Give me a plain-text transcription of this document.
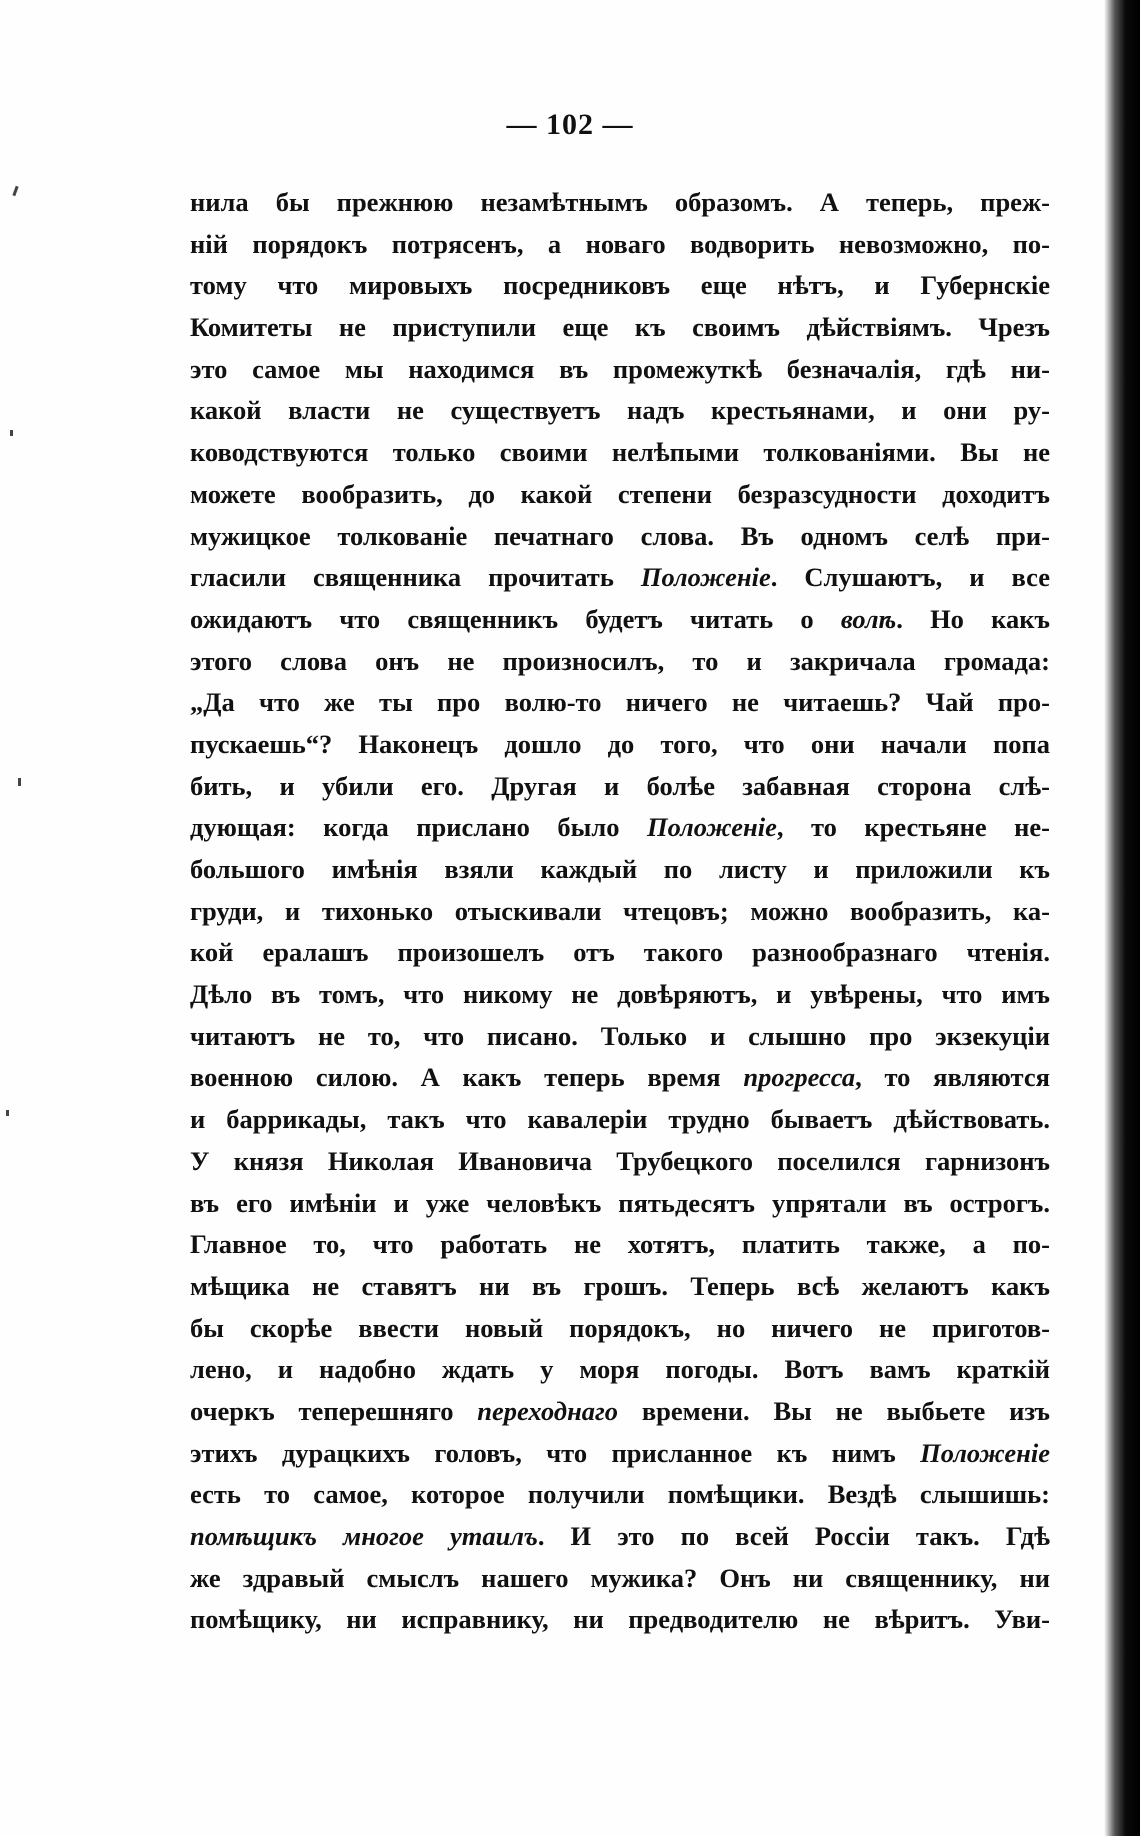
— 102 —
нила бы прежнюю незамѣтнымъ образомъ. А теперь, преж-
ній порядокъ потрясенъ, а новаго водворить невозможно, по-
тому что мировыхъ посредниковъ еще нѣтъ, и Губернскіе
Комитеты не приступили еще къ своимъ дѣйствіямъ. Чрезъ
это самое мы находимся въ промежуткѣ безначалія, гдѣ ни-
какой власти не существуетъ надъ крестьянами, и они ру-
ководствуются только своими нелѣпыми толкованіями. Вы не
можете вообразить, до какой степени безразсудности доходитъ
мужицкое толкованіе печатнаго слова. Въ одномъ селѣ при-
гласили священника прочитать Положеніе. Слушаютъ, и все
ожидаютъ что священникъ будетъ читать о волѣ. Но какъ
этого слова онъ не произносилъ, то и закричала громада:
„Да что же ты про волю-то ничего не читаешь? Чай про-
пускаешь“? Наконецъ дошло до того, что они начали попа
бить, и убили его. Другая и болѣе забавная сторона слѣ-
дующая: когда прислано было Положеніе, то крестьяне не-
большого имѣнія взяли каждый по листу и приложили къ
груди, и тихонько отыскивали чтецовъ; можно вообразить, ка-
кой ералашъ произошелъ отъ такого разнообразнаго чтенія.
Дѣло въ томъ, что никому не довѣряютъ, и увѣрены, что имъ
читаютъ не то, что писано. Только и слышно про экзекуціи
военною силою. А какъ теперь время прогресса, то являются
и баррикады, такъ что кавалеріи трудно бываетъ дѣйствовать.
У князя Николая Ивановича Трубецкого поселился гарнизонъ
въ его имѣніи и уже человѣкъ пятьдесятъ упрятали въ острогъ.
Главное то, что работать не хотятъ, платить также, а по-
мѣщика не ставятъ ни въ грошъ. Теперь всѣ желаютъ какъ
бы скорѣе ввести новый порядокъ, но ничего не приготов-
лено, и надобно ждать у моря погоды. Вотъ вамъ краткій
очеркъ теперешняго переходнаго времени. Вы не выбьете изъ
этихъ дурацкихъ головъ, что присланное къ нимъ Положеніе
есть то самое, которое получили помѣщики. Вездѣ слышишь:
помѣщикъ многое утаилъ. И это по всей Россіи такъ. Гдѣ
же здравый смыслъ нашего мужика? Онъ ни священнику, ни
помѣщику, ни исправнику, ни предводителю не вѣритъ. Уви-
